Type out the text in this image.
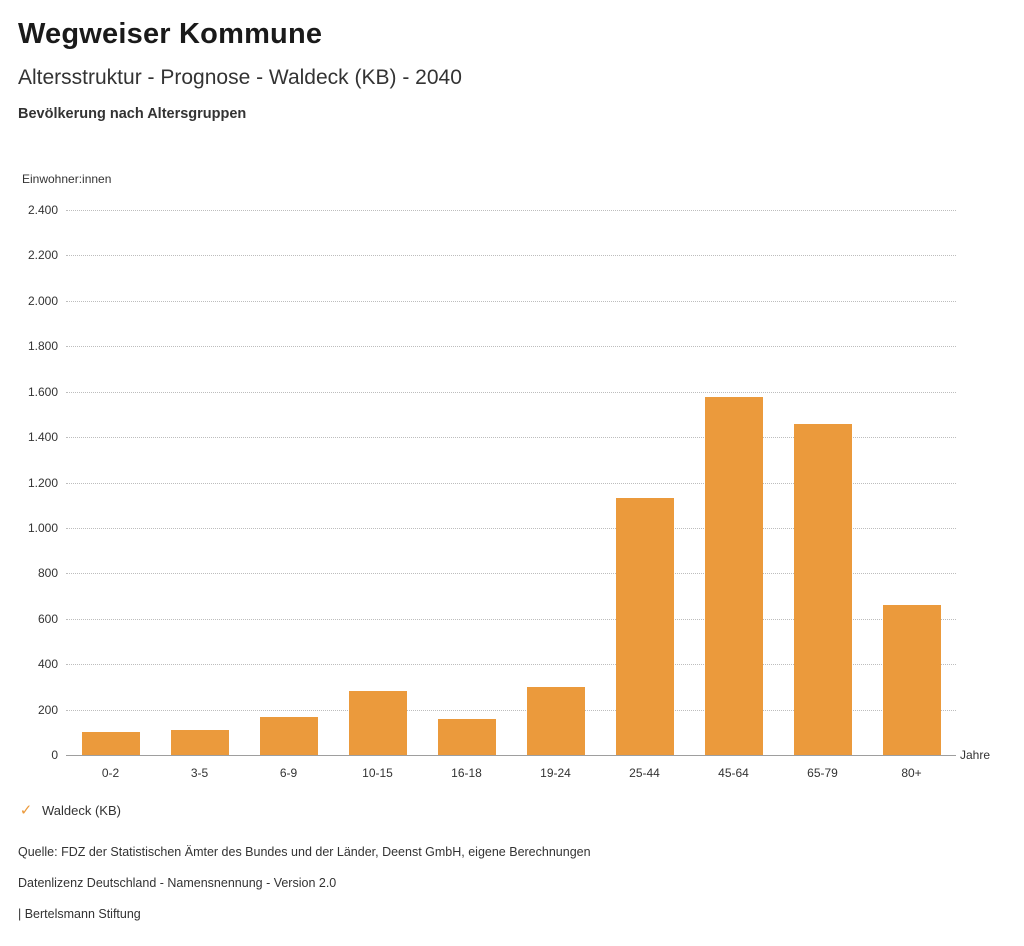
Wegweiser Kommune
Altersstruktur - Prognose - Waldeck (KB) - 2040
Bevölkerung nach Altersgruppen
Einwohner:innen
0
200
400
600
800
1.000
1.200
1.400
1.600
1.800
2.000
2.200
2.400
0-2	3-5	6-9	10-15	16-18	19-24	25-44	45-64	65-79	80+
Jahre
✓ Waldeck (KB)
Quelle: FDZ der Statistischen Ämter des Bundes und der Länder, Deenst GmbH, eigene Berechnungen
Datenlizenz Deutschland - Namensnennung - Version 2.0
| Bertelsmann Stiftung
